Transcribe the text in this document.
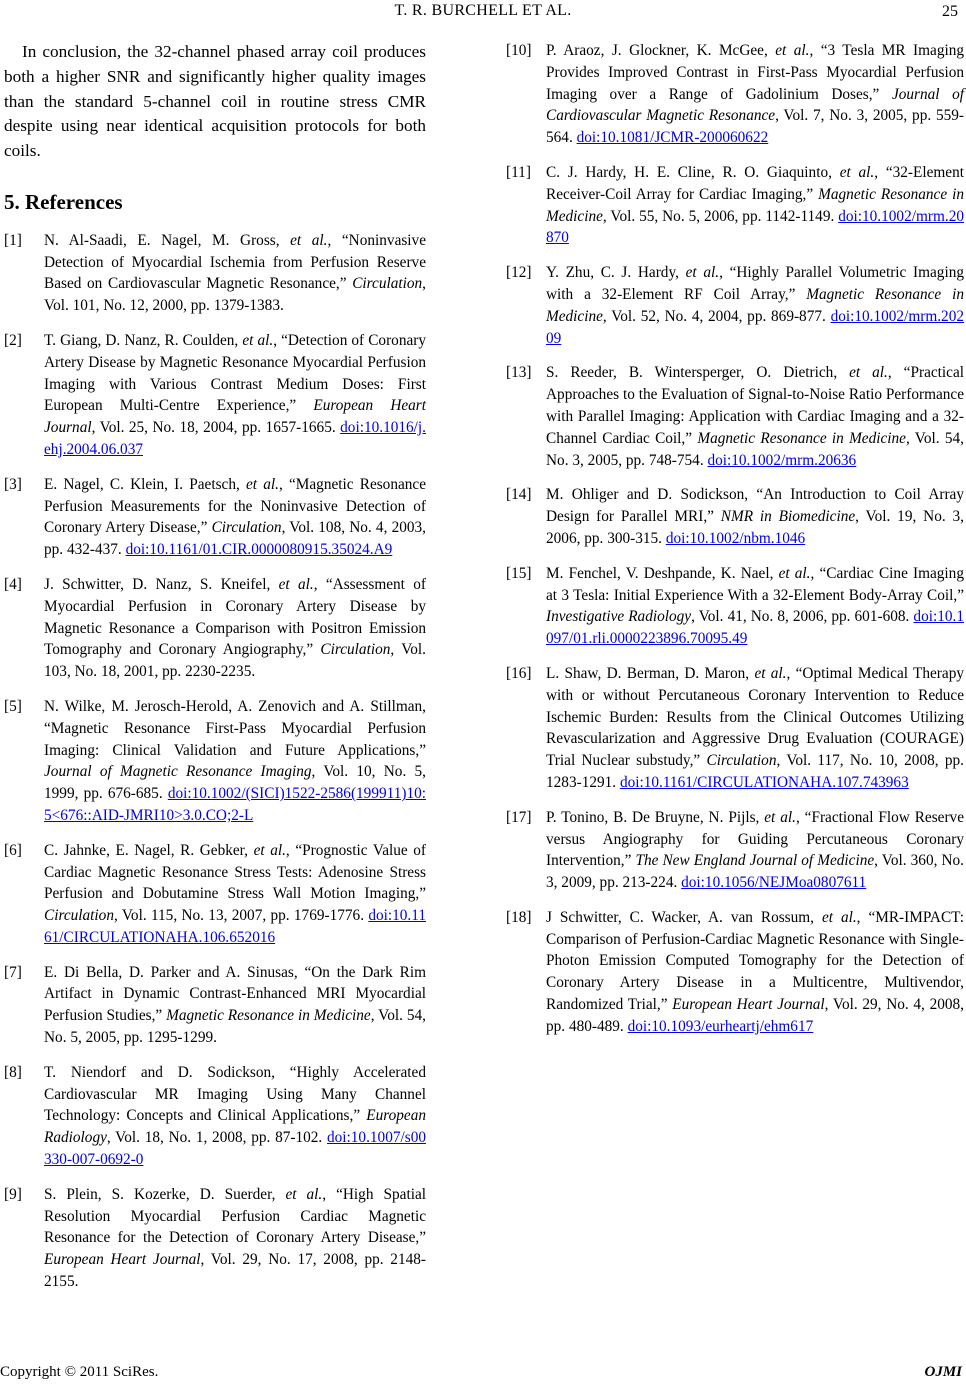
T. R. BURCHELL ET AL.	25

In conclusion, the 32-channel phased array coil produces both a higher SNR and significantly higher quality images than the standard 5-channel coil in routine stress CMR despite using near identical acquisition protocols for both coils.

5. References
[1]	N. Al-Saadi, E. Nagel, M. Gross, et al., “Noninvasive Detection of Myocardial Ischemia from Perfusion Reserve Based on Cardiovascular Magnetic Resonance,” Circulation, Vol. 101, No. 12, 2000, pp. 1379-1383.
[2]	T. Giang, D. Nanz, R. Coulden, et al., “Detection of Coronary Artery Disease by Magnetic Resonance Myocardial Perfusion Imaging with Various Contrast Medium Doses: First European Multi-Centre Experience,” European Heart Journal, Vol. 25, No. 18, 2004, pp. 1657-1665. doi:10.1016/j.ehj.2004.06.037
[3]	E. Nagel, C. Klein, I. Paetsch, et al., “Magnetic Resonance Perfusion Measurements for the Noninvasive Detection of Coronary Artery Disease,” Circulation, Vol. 108, No. 4, 2003, pp. 432-437. doi:10.1161/01.CIR.0000080915.35024.A9
[4]	J. Schwitter, D. Nanz, S. Kneifel, et al., “Assessment of Myocardial Perfusion in Coronary Artery Disease by Magnetic Resonance a Comparison with Positron Emission Tomography and Coronary Angiography,” Circulation, Vol. 103, No. 18, 2001, pp. 2230-2235.
[5]	N. Wilke, M. Jerosch-Herold, A. Zenovich and A. Stillman, “Magnetic Resonance First-Pass Myocardial Perfusion Imaging: Clinical Validation and Future Applications,” Journal of Magnetic Resonance Imaging, Vol. 10, No. 5, 1999, pp. 676-685. doi:10.1002/(SICI)1522-2586(199911)10:5<676::AID-JMRI10>3.0.CO;2-L
[6]	C. Jahnke, E. Nagel, R. Gebker, et al., “Prognostic Value of Cardiac Magnetic Resonance Stress Tests: Adenosine Stress Perfusion and Dobutamine Stress Wall Motion Imaging,” Circulation, Vol. 115, No. 13, 2007, pp. 1769-1776. doi:10.1161/CIRCULATIONAHA.106.652016
[7]	E. Di Bella, D. Parker and A. Sinusas, “On the Dark Rim Artifact in Dynamic Contrast-Enhanced MRI Myocardial Perfusion Studies,” Magnetic Resonance in Medicine, Vol. 54, No. 5, 2005, pp. 1295-1299.
[8]	T. Niendorf and D. Sodickson, “Highly Accelerated Cardiovascular MR Imaging Using Many Channel Technology: Concepts and Clinical Applications,” European Radiology, Vol. 18, No. 1, 2008, pp. 87-102. doi:10.1007/s00330-007-0692-0
[9]	S. Plein, S. Kozerke, D. Suerder, et al., “High Spatial Resolution Myocardial Perfusion Cardiac Magnetic Resonance for the Detection of Coronary Artery Disease,” European Heart Journal, Vol. 29, No. 17, 2008, pp. 2148- 2155.
[10] P. Araoz, J. Glockner, K. McGee, et al., “3 Tesla MR Imaging Provides Improved Contrast in First-Pass Myocardial Perfusion Imaging over a Range of Gadolinium Doses,” Journal of Cardiovascular Magnetic Resonance, Vol. 7, No. 3, 2005, pp. 559-564. doi:10.1081/JCMR-200060622
[11] C. J. Hardy, H. E. Cline, R. O. Giaquinto, et al., “32-Element Receiver-Coil Array for Cardiac Imaging,” Magnetic Resonance in Medicine, Vol. 55, No. 5, 2006, pp. 1142-1149. doi:10.1002/mrm.20870
[12] Y. Zhu, C. J. Hardy, et al., “Highly Parallel Volumetric Imaging with a 32-Element RF Coil Array,” Magnetic Resonance in Medicine, Vol. 52, No. 4, 2004, pp. 869-877. doi:10.1002/mrm.20209
[13] S. Reeder, B. Wintersperger, O. Dietrich, et al., “Practical Approaches to the Evaluation of Signal-to-Noise Ratio Performance with Parallel Imaging: Application with Cardiac Imaging and a 32-Channel Cardiac Coil,” Magnetic Resonance in Medicine, Vol. 54, No. 3, 2005, pp. 748-754. doi:10.1002/mrm.20636
[14] M. Ohliger and D. Sodickson, “An Introduction to Coil Array Design for Parallel MRI,” NMR in Biomedicine, Vol. 19, No. 3, 2006, pp. 300-315. doi:10.1002/nbm.1046
[15] M. Fenchel, V. Deshpande, K. Nael, et al., “Cardiac Cine Imaging at 3 Tesla: Initial Experience With a 32-Element Body-Array Coil,” Investigative Radiology, Vol. 41, No. 8, 2006, pp. 601-608. doi:10.1097/01.rli.0000223896.70095.49
[16] L. Shaw, D. Berman, D. Maron, et al., “Optimal Medical Therapy with or without Percutaneous Coronary Intervention to Reduce Ischemic Burden: Results from the Clinical Outcomes Utilizing Revascularization and Aggressive Drug Evaluation (COURAGE) Trial Nuclear substudy,” Circulation, Vol. 117, No. 10, 2008, pp. 1283-1291. doi:10.1161/CIRCULATIONAHA.107.743963
[17] P. Tonino, B. De Bruyne, N. Pijls, et al., “Fractional Flow Reserve versus Angiography for Guiding Percutaneous Coronary Intervention,” The New England Journal of Medicine, Vol. 360, No. 3, 2009, pp. 213-224. doi:10.1056/NEJMoa0807611
[18] J Schwitter, C. Wacker, A. van Rossum, et al., “MR-IMPACT: Comparison of Perfusion-Cardiac Magnetic Resonance with Single-Photon Emission Computed Tomography for the Detection of Coronary Artery Disease in a Multicentre, Multivendor, Randomized Trial,” European Heart Journal, Vol. 29, No. 4, 2008, pp. 480-489. doi:10.1093/eurheartj/ehm617
Copyright © 2011 SciRes.	OJMI
